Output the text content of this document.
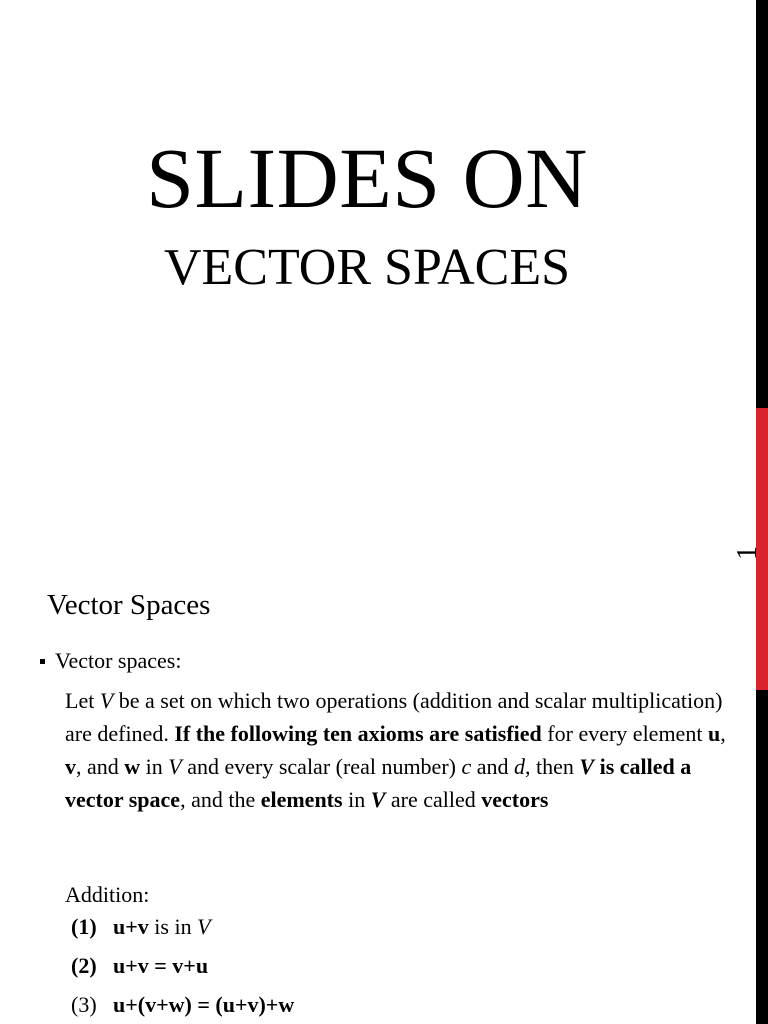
SLIDES ON
VECTOR SPACES
1
Vector Spaces
Vector spaces:
Let V be a set on which two operations (addition and scalar multiplication) are defined. If the following ten axioms are satisfied for every element u, v, and w in V and every scalar (real number) c and d, then V is called a vector space, and the elements in V are called vectors
Addition:
(1) u+v is in V
(2) u+v = v+u
(3) u+(v+w) = (u+v)+w
